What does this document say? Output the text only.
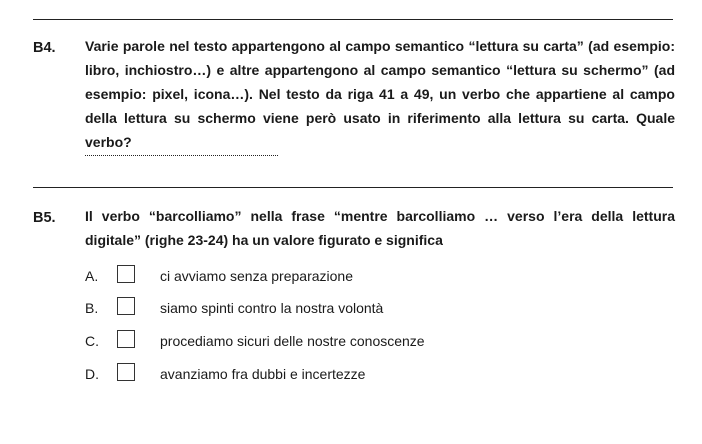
B4. Varie parole nel testo appartengono al campo semantico “lettura su carta” (ad esempio: libro, inchiostro…) e altre appartengono al campo semantico “lettura su schermo” (ad esempio: pixel, icona…). Nel testo da riga 41 a 49, un verbo che appartiene al campo della lettura su schermo viene però usato in riferimento alla lettura su carta. Quale verbo?
B5. Il verbo “barcolliamo” nella frase “mentre barcolliamo … verso l’era della lettura digitale” (righe 23-24) ha un valore figurato e significa
A.	ci avviamo senza preparazione
B.	siamo spinti contro la nostra volontà
C.	procediamo sicuri delle nostre conoscenze
D.	avanziamo fra dubbi e incertezze
